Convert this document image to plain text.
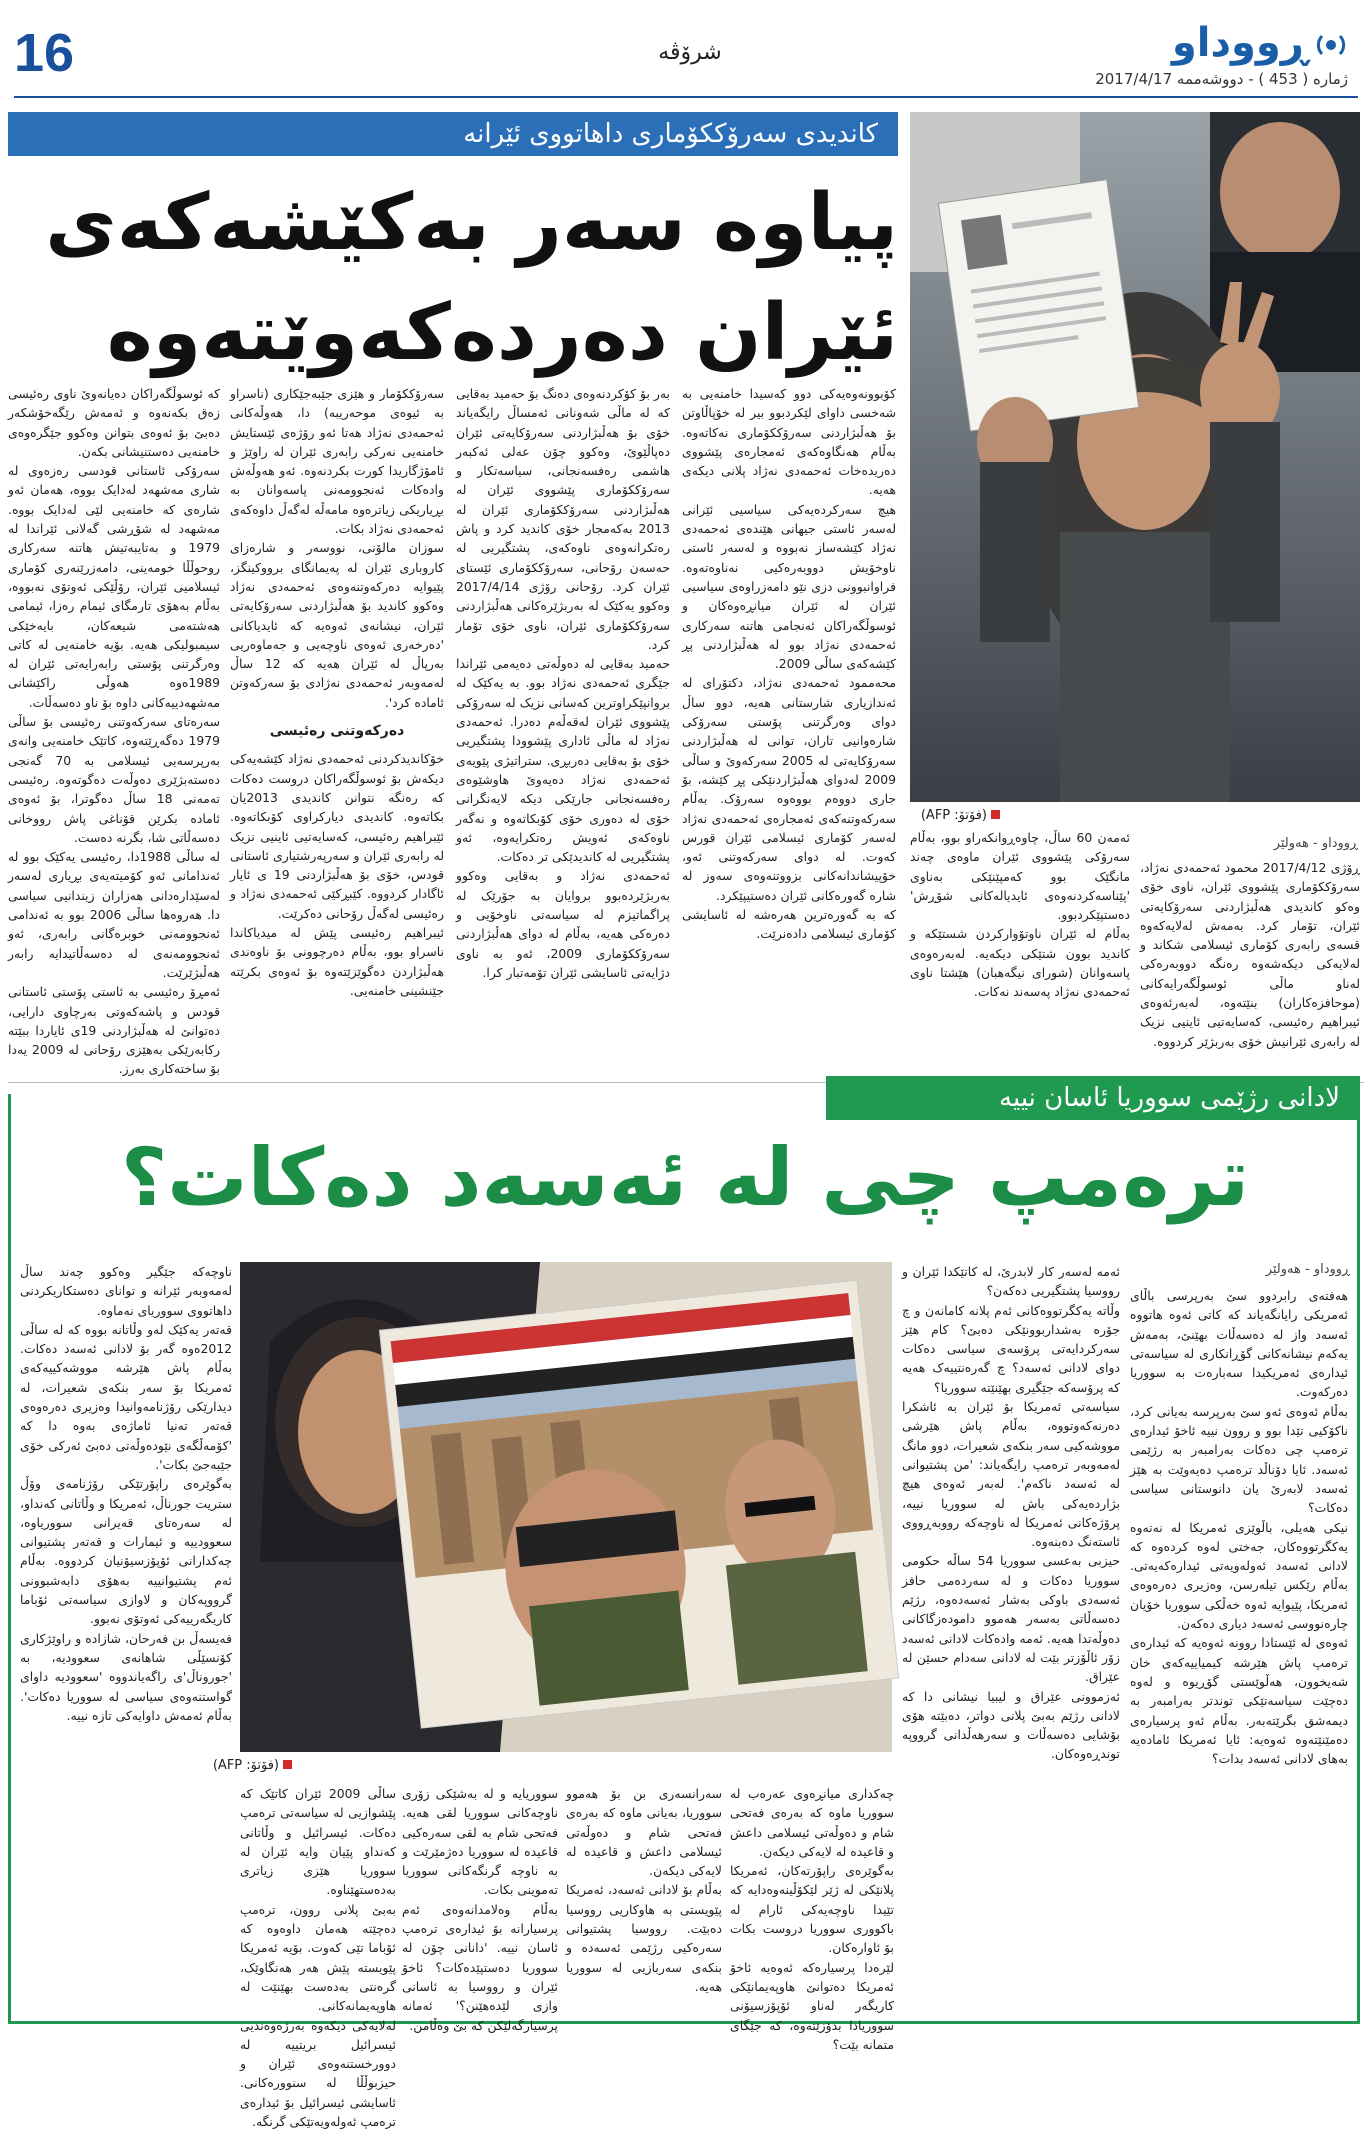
16	شرۆڤە	ڕووداو
ژمارە ( 453 ) - دووشەممە 2017/4/17
کاندیدی سەرۆککۆماری داهاتووی ئێرانە
پیاوە سەر بەکێشەکەی
ئێران دەردەکەوێتەوە
(فۆتۆ: AFP)
ڕووداو - هەولێر

ڕۆژی 2017/4/12 محمود ئەحمەدی نەژاد، سەرۆککۆماری پێشووی ئێران، ناوی خۆی وەکو کاندیدی هەڵبژاردنی سەرۆکایەتی ئێران، تۆمار کرد. بەمەش لەلایەکەوە قسەی رابەری کۆماری ئیسلامی شکاند و لەلایەکی دیکەشەوە رەنگە دووبەرەکی لەناو ماڵی ئوسوڵگەرایەکانی (موحافزەکاران) بنێتەوە، لەبەرئەوەی ئیبراهیم رەئیسی، کەسایەتیی ئاینیی نزیک لە رابەری ئێرانیش خۆی بەربژێر کردووە.

ئەمەن 60 ساڵ، چاوەڕوانکەراو بوو، بەڵام سەرۆکی پێشووی ئێران ماوەی چەند مانگێک بوو کەمپێنێکی بەناوی 'پێناسەکردنەوەی ئایدیالەکانی شۆڕش' دەستپێکردبوو.

بەڵام لە ئێران ناوتۆوارکردن شستێکە و کاندید بوون شتێکی دیکەیە. لەبەرەوەی پاسەوانان (شورای نیگەهبان) هێشتا ناوی ئەحمەدی نەژاد پەسەند نەکات.

کۆبوونەوەیەکی دوو کەسیدا خامنەیی بە شەخسی داوای لێکردبوو بیر لە خۆپاڵاوتن بۆ هەڵبژاردنی سەرۆککۆماری نەکاتەوە. بەڵام هەنگاوەکەی ئەمجارەی پێشووی دەریدەخات ئەحمەدی نەژاد پلانی دیکەی هەیە.

هیچ سەرکردەیەکی سیاسیی ئێرانی لەسەر ئاستی جیهانی هێندەی ئەحمەدی نەژاد کێشەساز نەبووە و لەسەر ئاستی ناوخۆیش دووبەرەکیی نەناوەتەوە. فراوانبوونی دزی نێو دامەزراوەی سیاسیی ئێران لە ئێران میانڕەوەکان و ئوسوڵگەراکان ئەنجامی هاتنە سەرکاری ئەحمەدی نەژاد بوو لە هەڵبژاردنی پڕ کێشەکەی ساڵی 2009.

محەممود ئەحمەدی نەژاد، دکتۆرای لە ئەندازیاری شارستانی هەیە، دوو ساڵ دوای وەرگرتنی پۆستی سەرۆکی شارەوانیی تاران، توانی لە هەڵبژاردنی سەرۆکایەتی لە 2005 سەرکەوێ و ساڵی 2009 لەدوای هەڵبژاردنێکی پڕ کێشە، بۆ جاری دووەم بووەوە سەرۆک. بەڵام سەرکەوتنەکەی ئەمجارەی ئەحمەدی نەژاد لەسەر کۆماری ئیسلامی ئێران قورس کەوت. لە دوای سەرکەوتنی ئەو، خۆپیشاندانەکانی بزووتنەوەی سەوز لە شارە گەورەکانی ئێران دەستیپێکرد.

کە بە گەورەترین هەرەشە لە ئاسایشی کۆماری ئیسلامی دادەنرێت.

بەر بۆ کۆکردنەوەی دەنگ بۆ حەمید بەقایی کە لە ماڵی شەونانی ئەمساڵ رایگەیاند خۆی بۆ هەڵبژاردنی سەرۆکایەتی ئێران دەپاڵێوێ، وەکوو چۆن عەلی ئەکبەر هاشمی رەفسەنجانی، سیاسەتکار و سەرۆککۆماری پێشووی ئێران لە هەڵبژاردنی سەرۆککۆماری ئێران لە 2013 بەکەمجار خۆی کاندید کرد و پاش رەتکرانەوەی ناوەکەی، پشتگیریی لە حەسەن رۆحانی، سەرۆککۆماری ئێستای ئێران کرد. رۆحانی رۆژی 2017/4/14 وەکوو یەکێک لە بەربژێرەکانی هەڵبژاردنی سەرۆککۆماری ئێران، ناوی خۆی تۆمار کرد.

حەمید بەقایی لە دەوڵەتی دەیەمی ئێراندا جێگری ئەحمەدی نەژاد بوو. بە یەکێک لە بروانپێکراوترین کەسانی نزیک لە سەرۆکی پێشووی ئێران لەقەڵەم دەدرا. ئەحمەدی نەژاد لە ماڵی ئاداری پێشوودا پشتگیریی خۆی بۆ بەقایی دەربڕی. ستراتیژی پێویەی ئەحمەدی نەژاد دەیەوێ هاوشێوەی رەفسەنجانی جارێکی دیکە لایەنگرانی خۆی لە دەوری خۆی کۆبکاتەوە و نەگەر ناوەکەی ئەویش رەتکرایەوە، ئەو پشتگیریی لە کاندیدێکی تر دەکات.

ئەحمەدی نەژاد و بەقایی وەکوو بەربژێردەبوو بروایان بە جۆرێک لە پراگماتیزم لە سیاسەتی ناوخۆیی و دەرەکی هەیە، بەڵام لە دوای هەڵبژاردنی سەرۆککۆماری 2009، ئەو بە ناوی دژایەتی ئاسایشی ئێران تۆمەتبار کرا.

سەرۆککۆمار و هێزی جێبەجێکاری (ناسراو بە ئیوەی موحەریبە) دا، هەوڵەکانی ئەحمەدی نەژاد هەتا ئەو رۆژەی ئێستایش خامنەیی نەرکی رابەری ئێران لە راوێژ و ئامۆژگاریدا کورت بکردنەوە. ئەو هەوڵەش وادەکات ئەنجوومەنی پاسەوانان بە بڕیاریکی زیاترەوە مامەڵە لەگەڵ داوەکەی ئەحمەدی نەژاد بکات.

سوزان مالۆنی، نووسەر و شارەزای کاروباری ئێران لە پەیمانگای برووکینگز، پێیوایە دەرکەوتنەوەی ئەحمەدی نەژاد وەکوو کاندید بۆ هەڵبژاردنی سەرۆکایەتی ئێران، نیشانەی ئەوەیە کە ئایدیاکانی 'دەرخەری ئەوەی ناوچەیی و جەماوەریی بەرپاڵ لە ئێران هەیە کە 12 ساڵ لەمەوبەر ئەحمەدی نەژادی بۆ سەرکەوتن ئامادە کرد'.

دەرکەوتنی رەئیسی

خۆکاندیدکردنی ئەحمەدی نەژاد کێشەیەکی دیکەش بۆ ئوسوڵگەراکان دروست دەکات کە رەنگە نتوانن کاندیدی 2013یان بکاتەوە. کاندیدی دیارکراوی کۆبکاتەوە. ئێبراهیم رەئیسی، کەسایەتیی ئاینیی نزیک لە رابەری ئێران و سەرپەرشتیاری ئاستانی قودس، خۆی بۆ هەڵبژاردنی 19 ی ئایار ئاگادار کردووە. کێبڕکێی ئەحمەدی نەژاد و رەئیسی لەگەڵ رۆحانی دەکرێت.

ئیبراهیم رەئیسی پێش لە میدیاکاندا ناسراو بوو، بەڵام دەرچوونی بۆ ناوەندی هەڵبژاردن دەگوێزێتەوە بۆ ئەوەی بکرێتە جێنشینی خامنەیی.

کە ئوسوڵگەراکان دەیانەوێ ناوی رەئیسی زەق بکەنەوە و ئەمەش رێگەخۆشکەر دەبێ بۆ ئەوەی بتوانن وەکوو جێگرەوەی خامنەیی دەستنیشانی بکەن.

سەرۆکی ئاستانی قودسی رەزەوی لە شاری مەشهەد لەدایک بووە، هەمان ئەو شارەی کە خامنەیی لێی لەدایک بووە. مەشهەد لە شۆڕشی گەلانی ئێراندا لە 1979 و بەتایبەتیش هاتنە سەرکاری روحوڵڵا خومەینی، دامەزرێنەری کۆماری ئیسلامیی ئێران، رۆڵێکی ئەوتۆی نەبووە، بەڵام بەهۆی تارمگای ئیمام رەزا، ئیمامی هەشتەمی شیعەکان، بایەخێکی سیمبولیکی هەیە. بۆیە خامنەیی لە کاتی وەرگرتنی پۆستی رابەرایەتی ئێران لە 1989ەوە هەوڵی راکێشانی مەشهەدییەکانی داوە بۆ ناو دەسەڵات.

سەرەتای سەرکەوتنی رەئیسی بۆ ساڵی 1979 دەگەڕێتەوە، کاتێک خامنەیی وانەی بەرپرسەیی ئیسلامی بە 70 گەنجی دەستەبژێری دەوڵەت دەگوتەوە. رەئیسی تەمەنی 18 ساڵ دەگوترا، بۆ ئەوەی ئامادە بکرێن قۆناغی پاش رووخانی دەسەڵاتی شا، بگرنە دەست.

لە ساڵی 1988دا، رەئیسی یەکێک بوو لە ئەندامانی ئەو کۆمیتەیەی بڕیاری لەسەر لەسێدارەدانی هەزاران زیندانیی سیاسی دا. هەروەها ساڵی 2006 بوو بە ئەندامی ئەنجوومەنی خوبرەگانی رابەری، ئەو ئەنجوومەنەی لە دەسەڵاتیدایە رابەر هەڵبژێرێت.

ئەمڕۆ رەئیسی بە ئاستی پۆستی ئاستانی قودس و پاشەکەوتی بەرچاوی دارایی، دەتوانێ لە هەڵبژاردنی 19ی ئایاردا ببێتە رکابەرێکی بەهێزی رۆحانی لە 2009 یەدا بۆ ساختەکاری بەرز.

لادانی رژێمی سووریا ئاسان نییە
ترەمپ چی لە ئەسەد دەکات؟
ڕووداو - هەولێر

هەفتەی رابردوو سێ بەرپرسی باڵای ئەمریکی رایانگەیاند کە کاتی ئەوە هاتووە ئەسەد واز لە دەسەڵات بهێنێ، بەمەش یەکەم نیشانەکانی گۆڕانکاری لە سیاسەتی ئیدارەی ئەمریکیدا سەبارەت بە سووریا دەرکەوت.

بەڵام ئەوەی ئەو سێ بەرپرسە بەیانی کرد، ناکۆکیی تێدا بوو و روون نییە ئاخۆ ئیدارەی ترەمپ چی دەکات بەرامبەر بە رژێمی ئەسەد. ئایا دۆناڵد ترەمپ دەیەوێت بە هێز ئەسەد لابەرێ یان دانوستانی سیاسی دەکات؟

نیکی هەیلی، باڵوێزی ئەمریکا لە نەتەوە یەکگرتووەکان، جەختی لەوە کردەوە کە لادانی ئەسەد ئەولەویەتی ئیدارەکەیەتی. بەڵام رێکس تیلەرسن، وەزیری دەرەوەی ئەمریکا، پێیوایە ئەوە خەڵکی سووریا خۆیان چارەنووسی ئەسەد دیاری دەکەن.

ئەوەی لە ئێستادا روونە ئەوەیە کە ئیدارەی ترەمپ پاش هێرشە کیمیاییەکەی خان شەیخوون، هەڵوێستی گۆڕیوە و لەوە دەچێت سیاسەتێکی توندتر بەرامبەر بە دیمەشق بگرێتەبەر. بەڵام ئەو پرسیارەی دەمێنێتەوە ئەوەیە: ئایا ئەمریکا ئامادەیە بەهای لادانی ئەسەد بدات؟

ئەمە لەسەر کار لابدرێ، لە کاتێکدا ئێران و رووسیا پشتگیریی دەکەن؟

وڵاتە یەکگرتووەکانی ئەم پلانە کامانەن و چ جۆرە بەشداربوونێکی دەبێ؟ کام هێز سەرکردایەتی پرۆسەی سیاسی دەکات دوای لادانی ئەسەد؟ چ گەرەنتییەک هەیە کە پرۆسەکە جێگیری بهێنێتە سووریا؟

سیاسەتی ئەمریکا بۆ ئێران بە ئاشکرا دەرنەکەوتووە، بەڵام پاش هێرشی مووشەکیی سەر بنکەی شعیرات، دوو مانگ لەمەوبەر ترەمپ رایگەیاند: 'من پشتیوانی لە ئەسەد ناکەم'. لەبەر ئەوەی هیچ بژاردەیەکی باش لە سووریا نییە، پرۆژەکانی ئەمریکا لە ناوچەکە رووبەڕووی ئاستەنگ دەبنەوە.

حیزبی بەعسی سووریا 54 ساڵە حکومی سووریا دەکات و لە سەردەمی حافز ئەسەدی باوکی بەشار ئەسەدەوە، رژێم دەسەڵاتی بەسەر هەموو دامودەزگاکانی دەوڵەتدا هەیە. ئەمە وادەکات لادانی ئەسەد زۆر ئاڵۆزتر بێت لە لادانی سەدام حسێن لە عێراق.

ئەزموونی عێراق و لیبیا نیشانی دا کە لادانی رژێم بەبێ پلانی دواتر، دەبێتە هۆی بۆشایی دەسەڵات و سەرهەڵدانی گرووپە توندڕەوەکان.

(فۆتۆ: AFP)

ناوچەکە جێگیر وەکوو چەند ساڵ لەمەوبەر ئێرانە و توانای دەستکاریکردنی داهاتووی سووریای نەماوە.

قەتەر یەکێک لەو وڵاتانە بووە کە لە ساڵی 2012ەوە گەر بۆ لادانی ئەسەد دەکات. بەڵام پاش هێرشە مووشەکییەکەی ئەمریکا بۆ سەر بنکەی شعیرات، لە دیدارێکی رۆژنامەوانیدا وەزیری دەرەوەی قەتەر تەنیا ئاماژەی بەوە دا کە 'کۆمەڵگەی نێودەوڵەتی دەبێ ئەرکی خۆی جێبەجێ بکات'.

بەگوێرەی راپۆرتێکی رۆژنامەی وۆڵ ستریت جورناڵ، ئەمریکا و وڵاتانی کەنداو، لە سەرەتای قەیرانی سووریاوە، سعوودییە و ئیمارات و قەتەر پشتیوانی چەکدارانی ئۆپۆزسیۆنیان کردووە. بەڵام ئەم پشتیوانییە بەهۆی دابەشبوونی گرووپەکان و لاوازی سیاسەتی ئۆباما کاریگەرییەکی ئەوتۆی نەبوو.

فەیسەڵ بن فەرحان، شازادە و راوێژکاری کۆنسێڵی شاهانەی سعوودیە، بە 'جوروناڵ'ی راگەیاندووە 'سعوودیە داوای گواستنەوەی سیاسی لە سووریا دەکات'. بەڵام ئەمەش داوایەکی تازە نییە.

چەکداری میانڕەوی عەرەب لە سووریا ماوە کە بەرەی فەتحی شام و دەوڵەتی ئیسلامی داعش و قاعیدە لە لایەکی دیکەن.

بەگوێرەی راپۆرتەکان، ئەمریکا پلانێکی لە ژێر لێکۆڵینەوەدایە کە تێیدا ناوچەیەکی ئارام لە باکووری سووریا دروست بکات بۆ ئاوارەکان.

لێرەدا پرسیارەکە ئەوەیە ئاخۆ ئەمریکا دەتوانێ هاوپەیمانێکی کاریگەر لەناو ئۆپۆزسیۆنی سووریادا بدۆزێتەوە، کە جێگای متمانە بێت؟

سەرانسەری بن بۆ هەموو سووریا، بەیانی ماوە کە بەرەی فەتحی شام و دەوڵەتی ئیسلامی داعش و قاعیدە لە لایەکی دیکەن.

بەڵام بۆ لادانی ئەسەد، ئەمریکا پێویستی بە هاوکاریی رووسیا دەبێت. رووسیا پشتیوانی سەرەکیی رژێمی ئەسەدە و بنکەی سەربازیی لە سووریا هەیە.

سووریایە و لە بەشێکی زۆری ناوچەکانی سووریا لقی هەیە. فەتحی شام بە لقی سەرەکیی قاعیدە لە سووریا دەژمێرێت و بە ناوچە گرنگەکانی سووریا تەموینی بکات.

بەڵام وەلامدانەوەی ئەم پرسیارانە بۆ ئیدارەی ترەمپ ئاسان نییە. 'دانانی چۆن لە سووریا دەستپێدەکات؟ ئاخۆ ئێران و رووسیا بە ئاسانی وازی لێدەهێنن؟' ئەمانە پرسیارگەلێکن کە بێ وەڵامن.

ساڵی 2009 ئێران کاتێک کە پێشوازیی لە سیاسەتی ترەمپ دەکات. ئیسرائیل و وڵاتانی کەنداو پێیان وایە ئێران لە سووریا هێزی زیاتری بەدەستهێناوە.

بەبێ پلانی روون، ترەمپ دەچێتە هەمان داوەوە کە ئۆباما تێی کەوت. بۆیە ئەمریکا پێویستە پێش هەر هەنگاوێک، گرەنتی بەدەست بهێنێت لە هاوپەیمانەکانی.

لەلایەکی دیکەوە بەرژەوەندیی ئیسرائیل بریتییە لە دوورخستنەوەی ئێران و حیزبوڵڵا لە سنوورەکانی. ئاسایشی ئیسرائیل بۆ ئیدارەی ترەمپ ئەولەویەتێکی گرنگە.
